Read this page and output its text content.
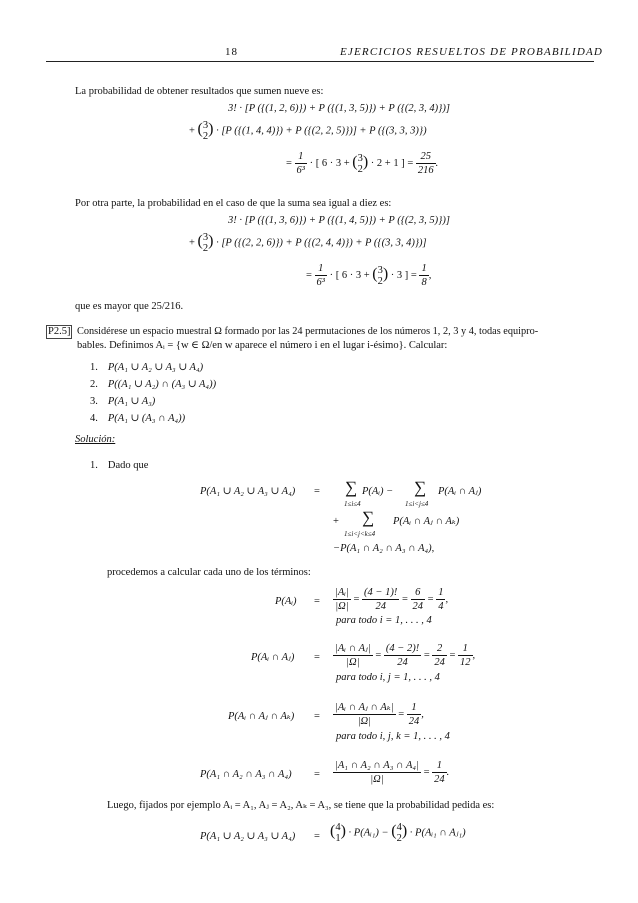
18	EJERCICIOS RESUELTOS DE PROBABILIDAD
La probabilidad de obtener resultados que sumen nueve es:
3! · [P ({(1, 2, 6)}) + P ({(1, 3, 5)}) + P ({(2, 3, 4)})]
+ (3
2) · [P ({(1, 4, 4)}) + P ({(2, 2, 5)})] + P ({(3, 3, 3)})
= $\frac{1}{\text{6³}}$ · [ 6 · 3 + (3
2) · 2 + 1 ] = $\frac{25}{216}$ .
Por otra parte, la probabilidad en el caso de que la suma sea igual a diez es:
3! · [P ({(1, 3, 6)}) + P ({(1, 4, 5)}) + P ({(2, 3, 5)})]
+ (3
2) · [P ({(2, 2, 6)}) + P ({(2, 4, 4)}) + P ({(3, 3, 4)})]
= $\frac{1}{\text{6³}}$ · [ 6 · 3 + (3
2) · 3 ] = $\frac{1}{8}$ ,
que es mayor que 25/216.
P2.5] Considérese un espacio muestral Ω formado por las 24 permutaciones de los números 1, 2, 3 y 4, todas equipro-
bables. Definimos Aᵢ = {w ∈ Ω/en w aparece el número i en el lugar i-ésimo}. Calcular:
1. P(A₁ ∪ A₂ ∪ A₃ ∪ A₄)
2. P((A₁ ∪ A₂) ∩ (A₃ ∪ A₄))
3. P(A₁ ∪ A₃)
4. P(A₁ ∪ (A₃ ∩ A₄))
Solución:
1. Dado que
P(A₁ ∪ A₂ ∪ A₃ ∪ A₄) = ∑
1≤i≤4
P(Aᵢ) − ∑
1≤i<j≤4
P(Aᵢ ∩ Aⱼ)
+ ∑
1≤i<j<k≤4
P(Aᵢ ∩ Aⱼ ∩ Aₖ)
−P(A₁ ∩ A₂ ∩ A₃ ∩ A₄),
procedemos a calcular cada uno de los términos:
P(Aᵢ) = $\frac{\text{|Aᵢ|}}{|\Omega|} = \frac{(4 - 1)!}{24} = \frac{6}{24} = \frac{1}{4}$ ,
para todo i = 1, . . . , 4
P(Aᵢ ∩ Aⱼ) = $\frac{\text{|Aᵢ ∩ Aⱼ|}}{|\Omega|} = \frac{(4 - 2)!}{24} = \frac{2}{24} = \frac{1}{12}$ ,
para todo i, j = 1, . . . , 4
P(Aᵢ ∩ Aⱼ ∩ $A_k) = \frac{\text{|Aᵢ ∩ Aⱼ ∩ Aₖ|}}{|\Omega|} = \frac{1}{24}$ ,
para todo i, j, k = 1, . . . , 4
P(A₁ ∩ A₂ ∩ A₃ ∩ $A_4) = \frac{\text{|A₁ ∩ A₂ ∩ A₃ ∩ A₄|}}{|\Omega|} = \frac{1}{24}$ .
Luego, fijados por ejemplo Aᵢ = A₁, Aⱼ = A₂, Aₖ = A₃, se tiene que la probabilidad pedida es:
P(A₁ ∪ A₂ ∪ A₃ ∪ A₄) = (4
1) · P(Aᵢ₁) − (4
2) · P(Aᵢ₁ ∩ Aⱼ₁)
